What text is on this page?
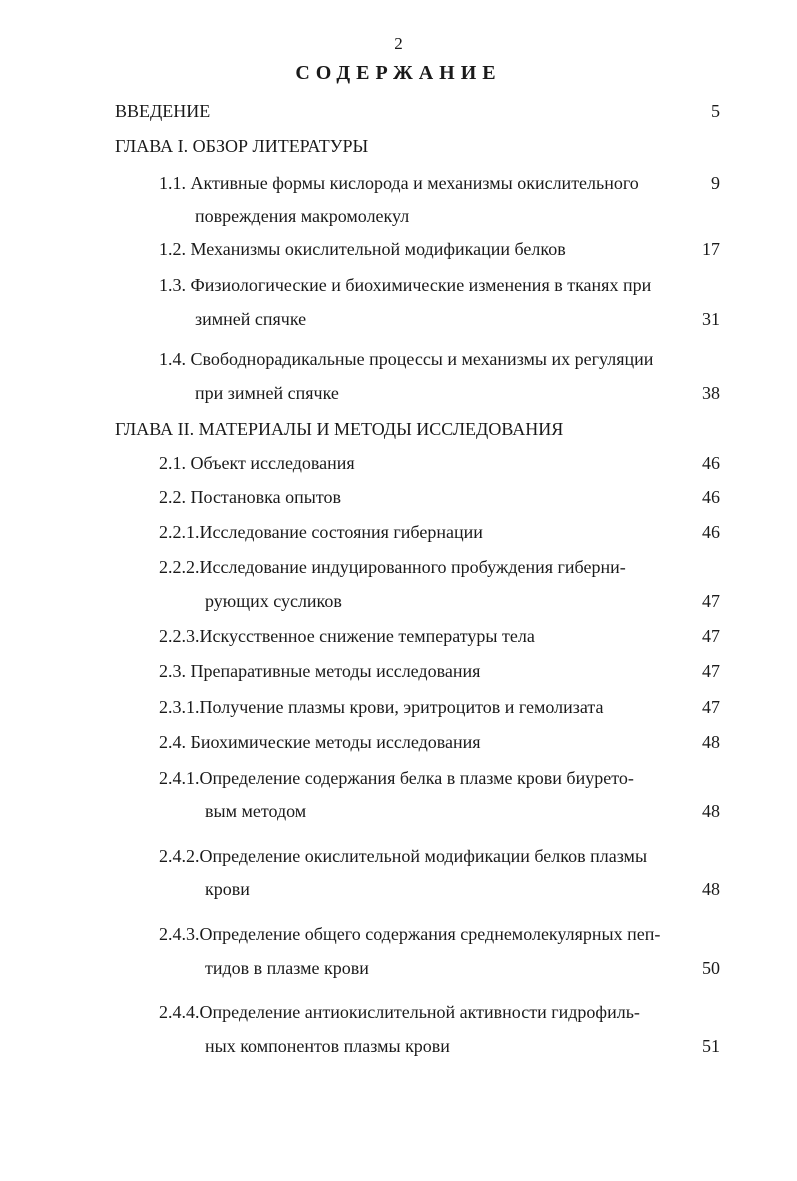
2
СОДЕРЖАНИЕ
ВВЕДЕНИЕ	5
ГЛАВА I. ОБЗОР ЛИТЕРАТУРЫ
1.1. Активные формы кислорода и механизмы окислительного	9
повреждения макромолекул
1.2. Механизмы окислительной модификации белков	17
1.3. Физиологические и биохимические изменения в тканях при
зимней спячке	31
1.4. Свободнорадикальные процессы и механизмы их регуляции
при зимней спячке	38
ГЛАВА II. МАТЕРИАЛЫ И МЕТОДЫ ИССЛЕДОВАНИЯ
2.1. Объект исследования	46
2.2. Постановка опытов	46
2.2.1.Исследование состояния гибернации	46
2.2.2.Исследование индуцированного пробуждения гиберни-
рующих сусликов	47
2.2.3.Искусственное снижение температуры тела	47
2.3. Препаративные методы исследования	47
2.3.1.Получение плазмы крови, эритроцитов и гемолизата	47
2.4. Биохимические методы исследования	48
2.4.1.Определение содержания белка в плазме крови биурето-
вым методом	48
2.4.2.Определение окислительной модификации белков плазмы
крови	48
2.4.3.Определение общего содержания среднемолекулярных пеп-
тидов в плазме крови	50
2.4.4.Определение антиокислительной активности гидрофиль-
ных компонентов плазмы крови	51
